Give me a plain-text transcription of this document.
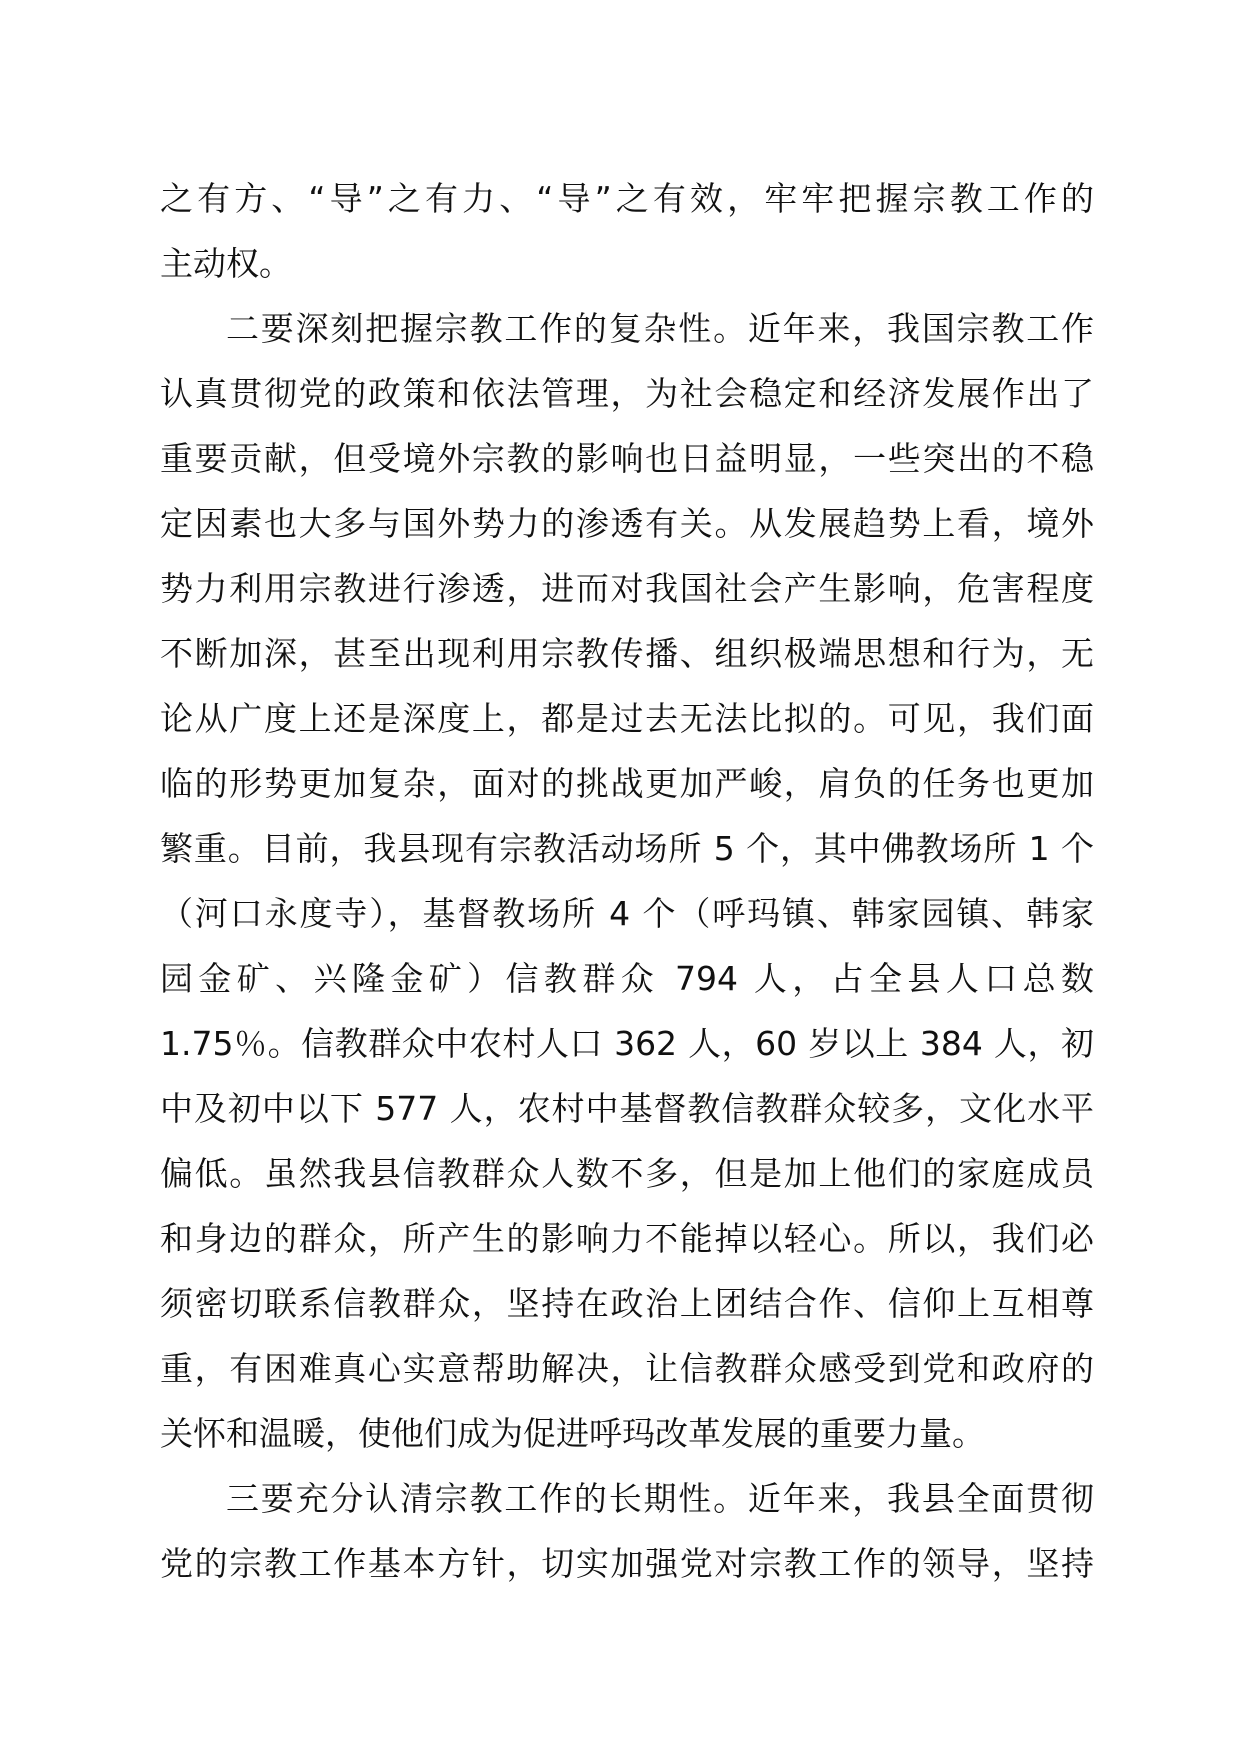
之有方、“导”之有力、“导”之有效，牢牢把握宗教工作的
主动权。
二要深刻把握宗教工作的复杂性。近年来，我国宗教工作
认真贯彻党的政策和依法管理，为社会稳定和经济发展作出了
重要贡献，但受境外宗教的影响也日益明显，一些突出的不稳
定因素也大多与国外势力的渗透有关。从发展趋势上看，境外
势力利用宗教进行渗透，进而对我国社会产生影响，危害程度
不断加深，甚至出现利用宗教传播、组织极端思想和行为，无
论从广度上还是深度上，都是过去无法比拟的。可见，我们面
临的形势更加复杂，面对的挑战更加严峻，肩负的任务也更加
繁重。目前，我县现有宗教活动场所 5 个，其中佛教场所 1 个
（河口永度寺），基督教场所 4 个（呼玛镇、韩家园镇、韩家
园金矿、兴隆金矿）信教群众 794 人，占全县人口总数
1.75％。信教群众中农村人口 362 人，60 岁以上 384 人，初
中及初中以下 577 人，农村中基督教信教群众较多，文化水平
偏低。虽然我县信教群众人数不多，但是加上他们的家庭成员
和身边的群众，所产生的影响力不能掉以轻心。所以，我们必
须密切联系信教群众，坚持在政治上团结合作、信仰上互相尊
重，有困难真心实意帮助解决，让信教群众感受到党和政府的
关怀和温暖，使他们成为促进呼玛改革发展的重要力量。
三要充分认清宗教工作的长期性。近年来，我县全面贯彻
党的宗教工作基本方针，切实加强党对宗教工作的领导，坚持
